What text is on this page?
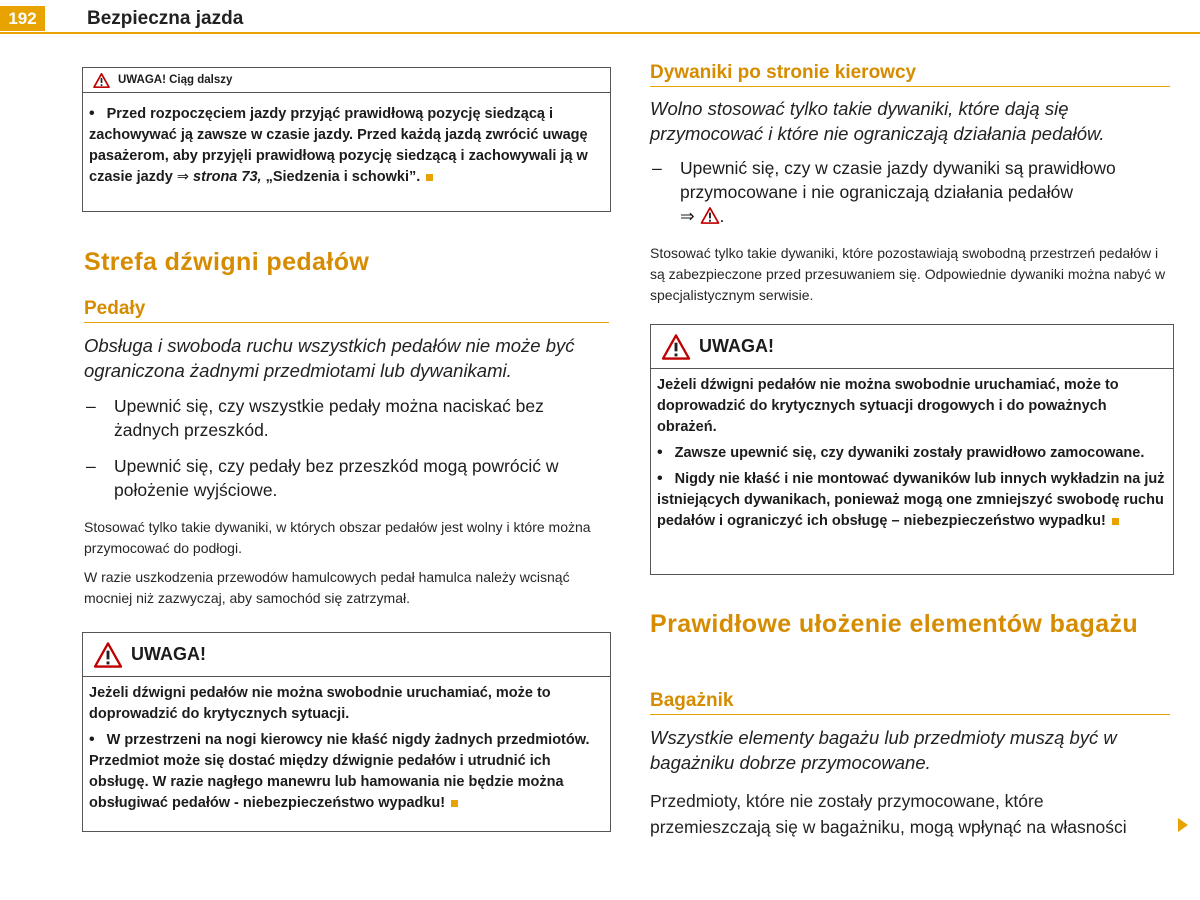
192	Bezpieczna jazda
UWAGA! Ciąg dalszy

• Przed rozpoczęciem jazdy przyjąć prawidłową pozycję siedzącą i zachowywać ją zawsze w czasie jazdy. Przed każdą jazdą zwrócić uwagę pasażerom, aby przyjęli prawidłową pozycję siedzącą i zachowywali ją w czasie jazdy ⇒ strona 73, „Siedzenia i schowki”.

Strefa dźwigni pedałów
Pedały

Obsługa i swoboda ruchu wszystkich pedałów nie może być ograniczona żadnymi przedmiotami lub dywanikami.

– Upewnić się, czy wszystkie pedały można naciskać bez żadnych przeszkód.
– Upewnić się, czy pedały bez przeszkód mogą powrócić w położenie wyjściowe.

Stosować tylko takie dywaniki, w których obszar pedałów jest wolny i które można przymocować do podłogi.

W razie uszkodzenia przewodów hamulcowych pedał hamulca należy wcisnąć mocniej niż zazwyczaj, aby samochód się zatrzymał.

UWAGA!

Jeżeli dźwigni pedałów nie można swobodnie uruchamiać, może to doprowadzić do krytycznych sytuacji.

• W przestrzeni na nogi kierowcy nie kłaść nigdy żadnych przedmiotów. Przedmiot może się dostać między dźwignie pedałów i utrudnić ich obsługę. W razie nagłego manewru lub hamowania nie będzie można obsługiwać pedałów - niebezpieczeństwo wypadku!

Dywaniki po stronie kierowcy

Wolno stosować tylko takie dywaniki, które dają się przymocować i które nie ograniczają działania pedałów.

– Upewnić się, czy w czasie jazdy dywaniki są prawidłowo przymocowane i nie ograniczają działania pedałów
⇒ .

Stosować tylko takie dywaniki, które pozostawiają swobodną przestrzeń pedałów i są zabezpieczone przed przesuwaniem się. Odpowiednie dywaniki można nabyć w specjalistycznym serwisie.

UWAGA!

Jeżeli dźwigni pedałów nie można swobodnie uruchamiać, może to doprowadzić do krytycznych sytuacji drogowych i do poważnych obrażeń.

• Zawsze upewnić się, czy dywaniki zostały prawidłowo zamocowane.

• Nigdy nie kłaść i nie montować dywaników lub innych wykładzin na już istniejących dywanikach, ponieważ mogą one zmniejszyć swobodę ruchu pedałów i ograniczyć ich obsługę – niebezpieczeństwo wypadku!

Prawidłowe ułożenie elementów bagażu
Bagażnik

Wszystkie elementy bagażu lub przedmioty muszą być w bagażniku dobrze przymocowane.

Przedmioty, które nie zostały przymocowane, które przemieszczają się w bagażniku, mogą wpłynąć na własności
